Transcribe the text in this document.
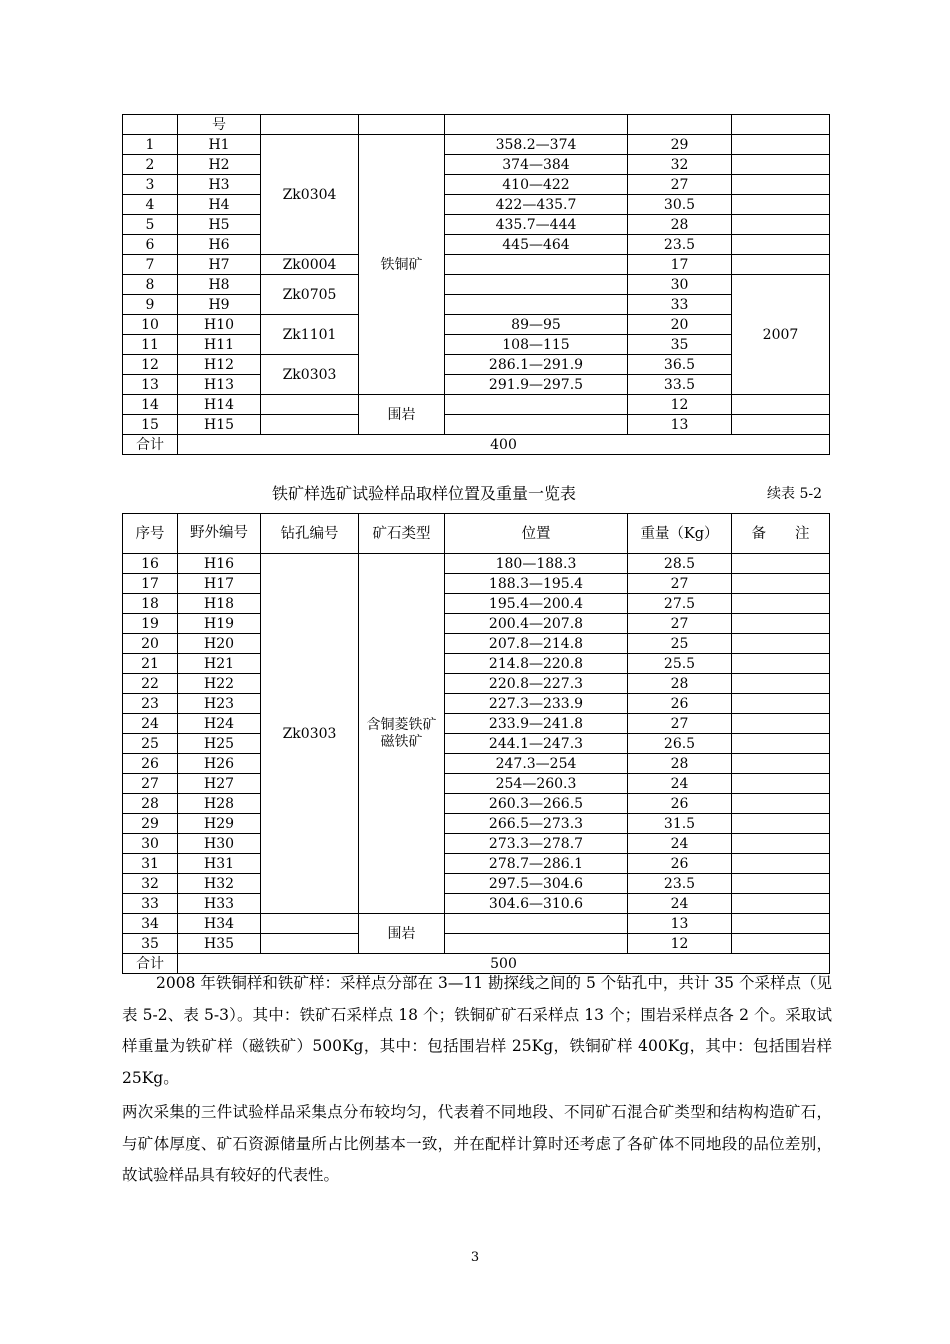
	号					
1	H1	Zk0304	铁铜矿	358.2—374	29	
2	H2			374—384	32	
3	H3			410—422	27	
4	H4			422—435.7	30.5	
5	H5			435.7—444	28	
6	H6			445—464	23.5	
7	H7	Zk0004			17	
8	H8	Zk0705			30	2007
9	H9				33	
10	H10	Zk1101		89—95	20	
11	H11			108—115	35	
12	H12	Zk0303		286.1—291.9	36.5	
13	H13			291.9—297.5	33.5	
14	H14		围岩		12	
15	H15				13	
合计	400					
铁矿样选矿试验样品取样位置及重量一览表	续表 5-2
序号	野外编号	钻孔编号	矿石类型	位置	重量（Kg）	备　　注
16	H16	Zk0303	含铜菱铁矿磁铁矿	180—188.3	28.5	
17	H17			188.3—195.4	27	
18	H18			195.4—200.4	27.5	
19	H19			200.4—207.8	27	
20	H20			207.8—214.8	25	
21	H21			214.8—220.8	25.5	
22	H22			220.8—227.3	28	
23	H23			227.3—233.9	26	
24	H24			233.9—241.8	27	
25	H25			244.1—247.3	26.5	
26	H26			247.3—254	28	
27	H27			254—260.3	24	
28	H28			260.3—266.5	26	
29	H29			266.5—273.3	31.5	
30	H30			273.3—278.7	24	
31	H31			278.7—286.1	26	
32	H32			297.5—304.6	23.5	
33	H33			304.6—310.6	24	
34	H34		围岩		13	
35	H35				12	
合计	500					
2008 年铁铜样和铁矿样：采样点分部在 3—11 勘探线之间的 5 个钻孔中，共计 35 个采样点（见表 5-2、表 5-3）。其中：铁矿石采样点 18 个；铁铜矿矿石采样点 13 个；围岩采样点各 2 个。采取试样重量为铁矿样（磁铁矿）500Kg，其中：包括围岩样 25Kg，铁铜矿样 400Kg，其中：包括围岩样 25Kg。
两次采集的三件试验样品采集点分布较均匀，代表着不同地段、不同矿石混合矿类型和结构构造矿石，与矿体厚度、矿石资源储量所占比例基本一致，并在配样计算时还考虑了各矿体不同地段的品位差别，故试验样品具有较好的代表性。
3
